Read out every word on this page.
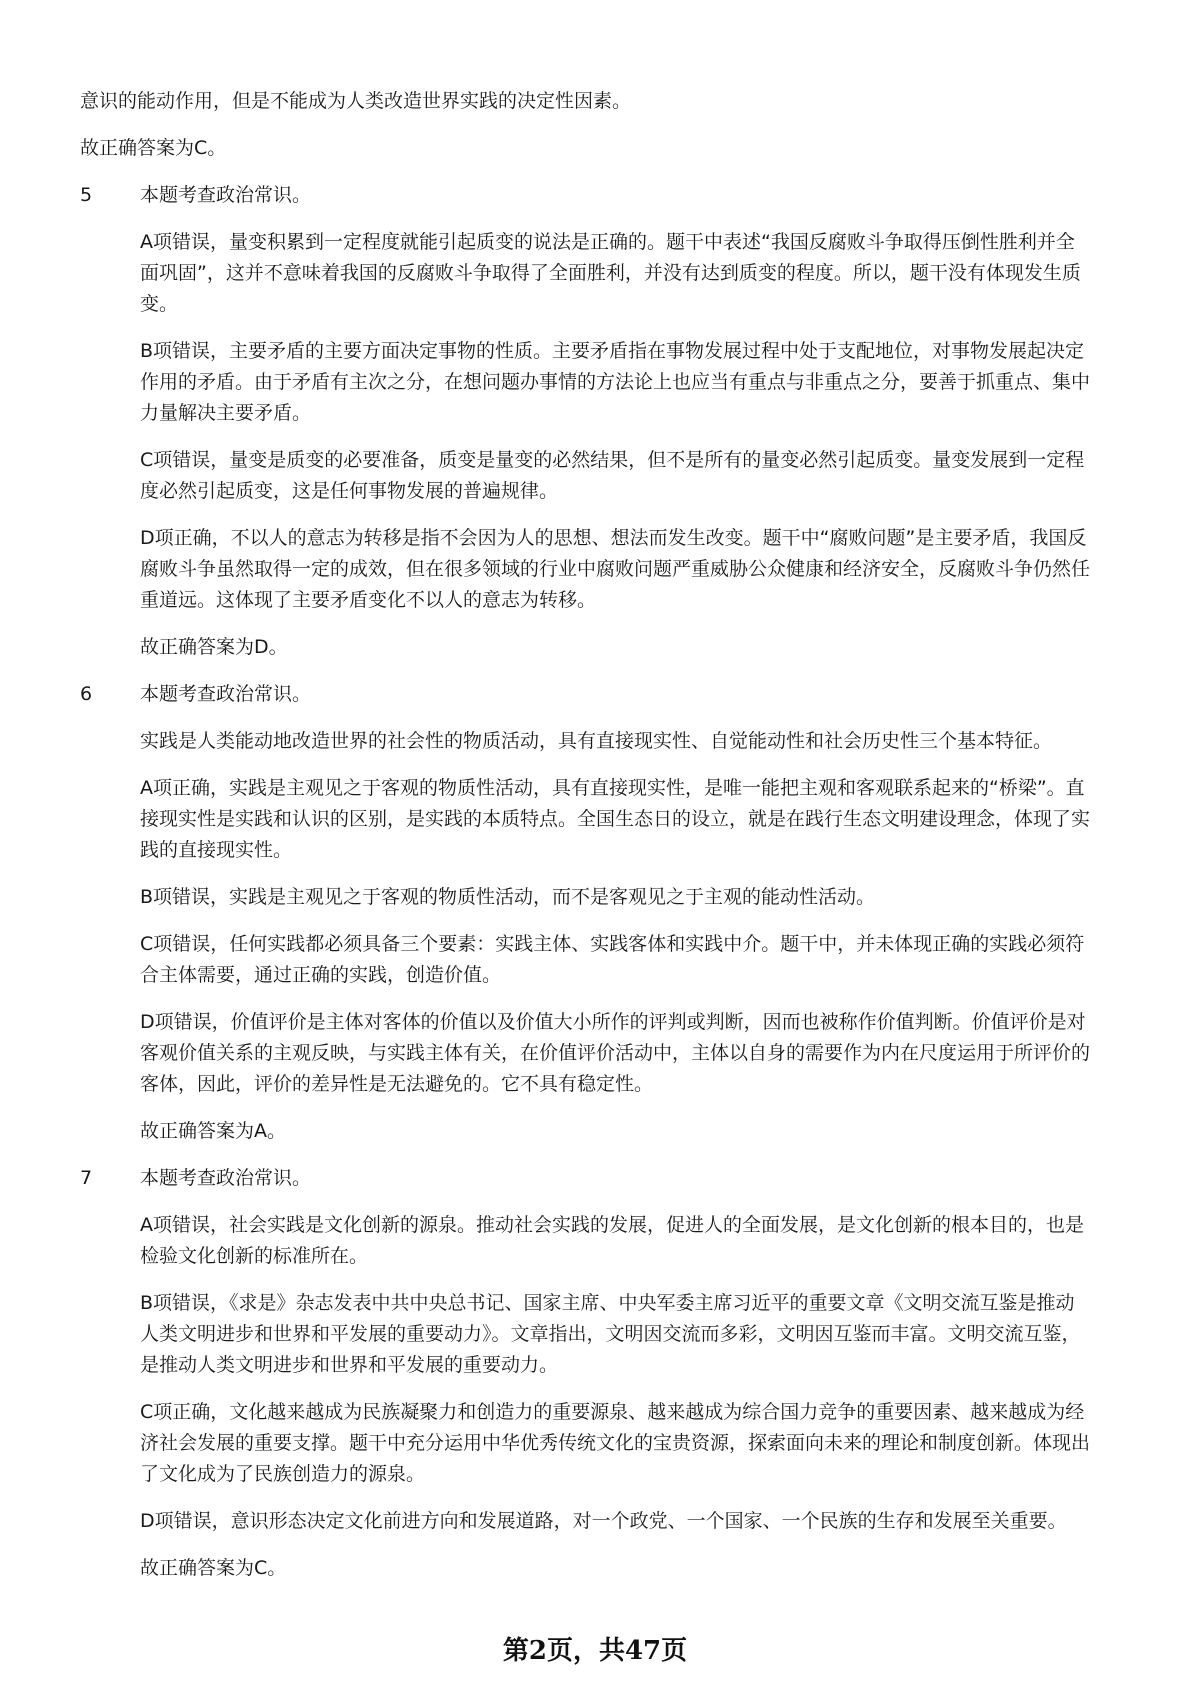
意识的能动作用，但是不能成为人类改造世界实践的决定性因素。

故正确答案为C。

5	本题考查政治常识。

A项错误，量变积累到一定程度就能引起质变的说法是正确的。题干中表述“我国反腐败斗争取得压倒性胜利并全面巩固”，这并不意味着我国的反腐败斗争取得了全面胜利，并没有达到质变的程度。所以，题干没有体现发生质变。

B项错误，主要矛盾的主要方面决定事物的性质。主要矛盾指在事物发展过程中处于支配地位，对事物发展起决定作用的矛盾。由于矛盾有主次之分，在想问题办事情的方法论上也应当有重点与非重点之分，要善于抓重点、集中力量解决主要矛盾。

C项错误，量变是质变的必要准备，质变是量变的必然结果，但不是所有的量变必然引起质变。量变发展到一定程度必然引起质变，这是任何事物发展的普遍规律。

D项正确，不以人的意志为转移是指不会因为人的思想、想法而发生改变。题干中“腐败问题”是主要矛盾，我国反腐败斗争虽然取得一定的成效，但在很多领域的行业中腐败问题严重威胁公众健康和经济安全，反腐败斗争仍然任重道远。这体现了主要矛盾变化不以人的意志为转移。

故正确答案为D。

6	本题考查政治常识。

实践是人类能动地改造世界的社会性的物质活动，具有直接现实性、自觉能动性和社会历史性三个基本特征。

A项正确，实践是主观见之于客观的物质性活动，具有直接现实性，是唯一能把主观和客观联系起来的“桥梁”。直接现实性是实践和认识的区别，是实践的本质特点。全国生态日的设立，就是在践行生态文明建设理念，体现了实践的直接现实性。

B项错误，实践是主观见之于客观的物质性活动，而不是客观见之于主观的能动性活动。

C项错误，任何实践都必须具备三个要素：实践主体、实践客体和实践中介。题干中，并未体现正确的实践必须符合主体需要，通过正确的实践，创造价值。

D项错误，价值评价是主体对客体的价值以及价值大小所作的评判或判断，因而也被称作价值判断。价值评价是对客观价值关系的主观反映，与实践主体有关，在价值评价活动中，主体以自身的需要作为内在尺度运用于所评价的客体，因此，评价的差异性是无法避免的。它不具有稳定性。

故正确答案为A。

7	本题考查政治常识。

A项错误，社会实践是文化创新的源泉。推动社会实践的发展，促进人的全面发展，是文化创新的根本目的，也是检验文化创新的标准所在。

B项错误，《求是》杂志发表中共中央总书记、国家主席、中央军委主席习近平的重要文章《文明交流互鉴是推动人类文明进步和世界和平发展的重要动力》。文章指出，文明因交流而多彩，文明因互鉴而丰富。文明交流互鉴，是推动人类文明进步和世界和平发展的重要动力。

C项正确，文化越来越成为民族凝聚力和创造力的重要源泉、越来越成为综合国力竞争的重要因素、越来越成为经济社会发展的重要支撑。题干中充分运用中华优秀传统文化的宝贵资源，探索面向未来的理论和制度创新。体现出了文化成为了民族创造力的源泉。

D项错误，意识形态决定文化前进方向和发展道路，对一个政党、一个国家、一个民族的生存和发展至关重要。

故正确答案为C。

第2页，共47页
